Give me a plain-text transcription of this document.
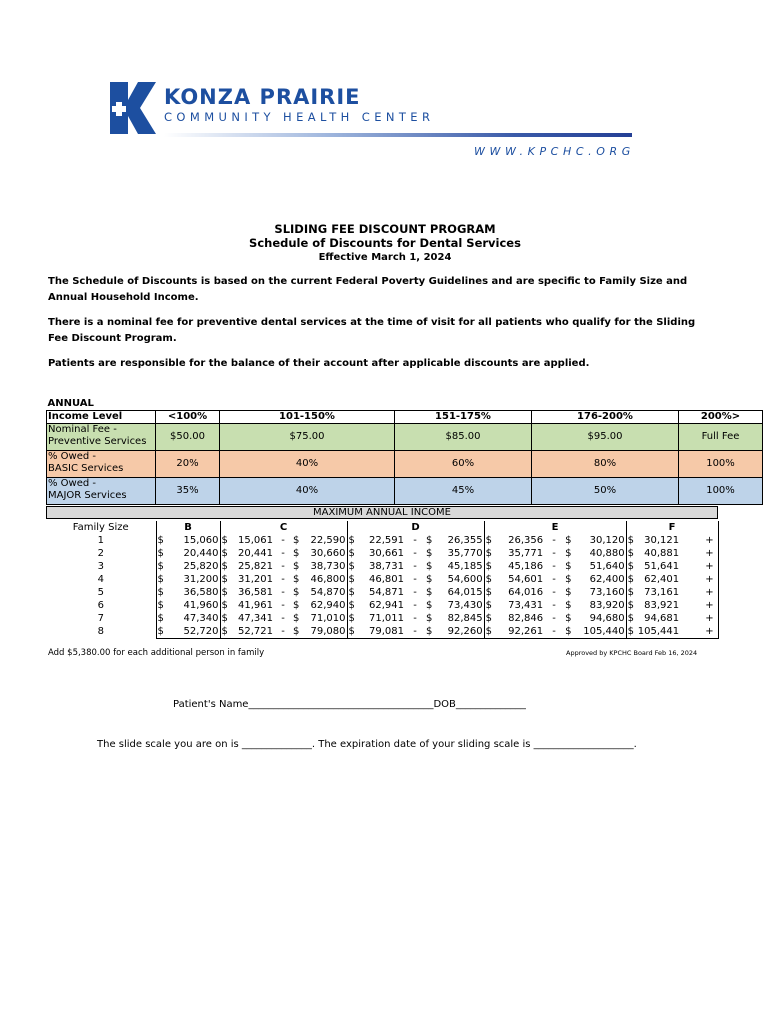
KONZA PRAIRIE
COMMUNITY HEALTH CENTER
WWW.KPCHC.ORG
SLIDING FEE DISCOUNT PROGRAM
Schedule of Discounts for Dental Services
Effective March 1, 2024
The Schedule of Discounts is based on the current Federal Poverty Guidelines and are specific to Family Size and Annual Household Income.
There is a nominal fee for preventive dental services at the time of visit for all patients who qualify for the Sliding Fee Discount Program.
Patients are responsible for the balance of their account after applicable discounts are applied.
ANNUAL					
Income Level	<100%	101-150%	151-175%	176-200%	200%>
Nominal Fee -
Preventive Services	$50.00	$75.00	$85.00	$95.00	Full Fee
% Owed -
BASIC Services	20%	40%	60%	80%	100%
% Owed -
MAJOR Services	35%	40%	45%	50%	100%
MAXIMUM ANNUAL INCOME
Family Size	B		C					D					E					F		
1	$	15,060	$	15,061	-	$	22,590	$	22,591	-	$	26,355	$	26,356	-	$	30,120	$	30,121	+
2	$	20,440	$	20,441	-	$	30,660	$	30,661	-	$	35,770	$	35,771	-	$	40,880	$	40,881	+
3	$	25,820	$	25,821	-	$	38,730	$	38,731	-	$	45,185	$	45,186	-	$	51,640	$	51,641	+
4	$	31,200	$	31,201	-	$	46,800	$	46,801	-	$	54,600	$	54,601	-	$	62,400	$	62,401	+
5	$	36,580	$	36,581	-	$	54,870	$	54,871	-	$	64,015	$	64,016	-	$	73,160	$	73,161	+
6	$	41,960	$	41,961	-	$	62,940	$	62,941	-	$	73,430	$	73,431	-	$	83,920	$	83,921	+
7	$	47,340	$	47,341	-	$	71,010	$	71,011	-	$	82,845	$	82,846	-	$	94,680	$	94,681	+
8	$	52,720	$	52,721	-	$	79,080	$	79,081	-	$	92,260	$	92,261	-	$	105,440	$	105,441	+
Add $5,380.00 for each additional person in family	Approved by KPCHC Board Feb 16, 2024
Patient's Name_____________________________________DOB______________
The slide scale you are on is ______________. The expiration date of your sliding scale is ____________________.
